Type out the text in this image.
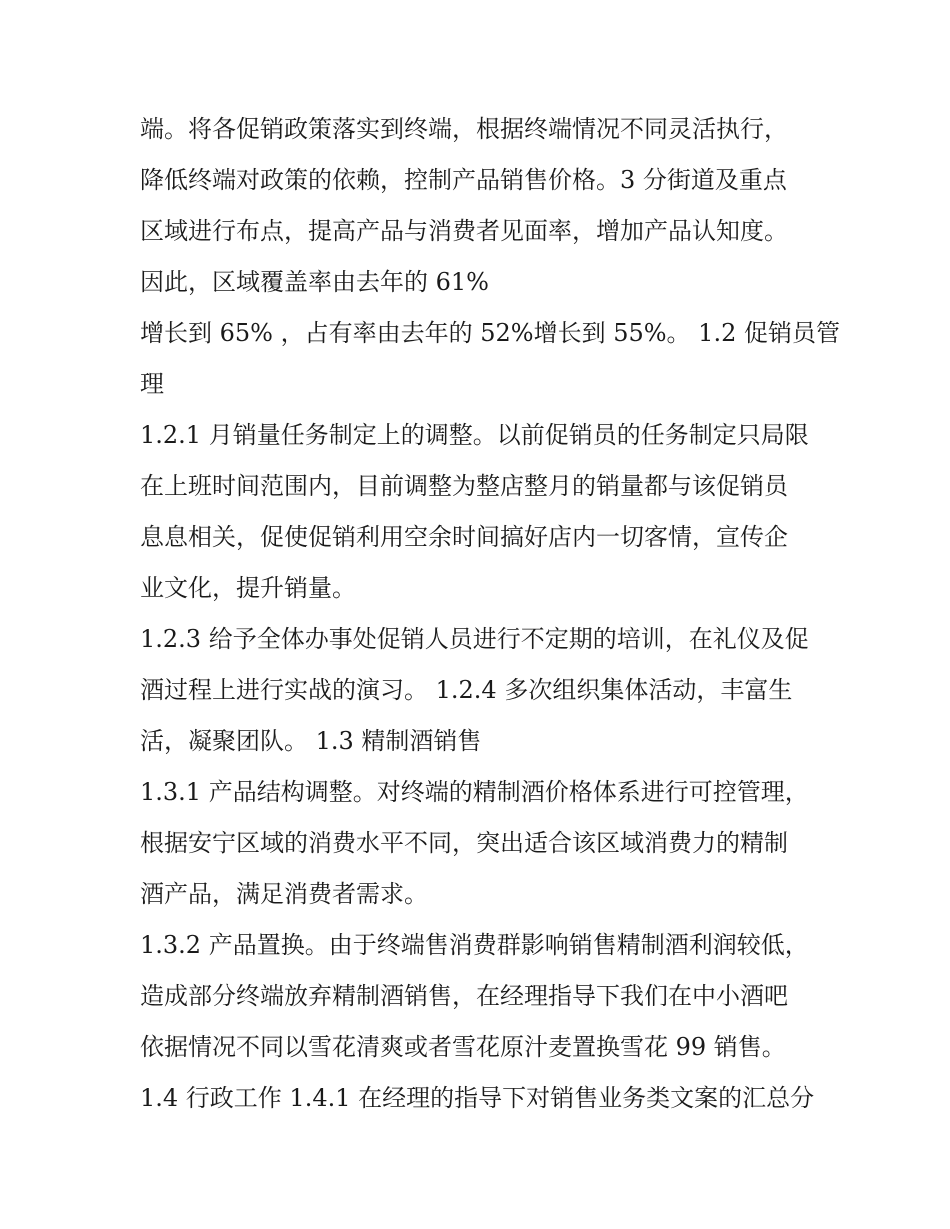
端。将各促销政策落实到终端，根据终端情况不同灵活执行，
降低终端对政策的依赖，控制产品销售价格。3 分街道及重点
区域进行布点，提高产品与消费者见面率，增加产品认知度。
因此，区域覆盖率由去年的 61%
增长到 65% ，占有率由去年的 52%增长到 55%。 1.2 促销员管
理
1.2.1 月销量任务制定上的调整。以前促销员的任务制定只局限
在上班时间范围内，目前调整为整店整月的销量都与该促销员
息息相关，促使促销利用空余时间搞好店内一切客情，宣传企
业文化，提升销量。
1.2.3 给予全体办事处促销人员进行不定期的培训，在礼仪及促
酒过程上进行实战的演习。 1.2.4 多次组织集体活动，丰富生
活，凝聚团队。 1.3 精制酒销售
1.3.1 产品结构调整。对终端的精制酒价格体系进行可控管理，
根据安宁区域的消费水平不同，突出适合该区域消费力的精制
酒产品，满足消费者需求。
1.3.2 产品置换。由于终端售消费群影响销售精制酒利润较低，
造成部分终端放弃精制酒销售，在经理指导下我们在中小酒吧
依据情况不同以雪花清爽或者雪花原汁麦置换雪花 99 销售。
1.4 行政工作 1.4.1 在经理的指导下对销售业务类文案的汇总分
